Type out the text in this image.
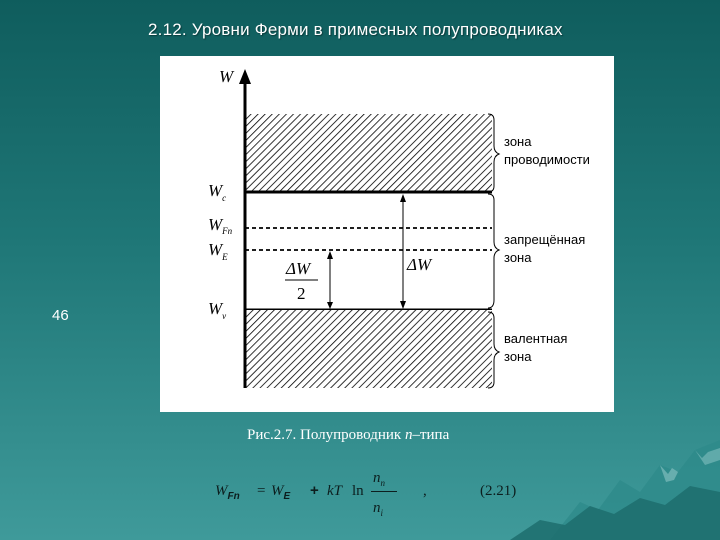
2.12. Уровни Ферми в примесных полупроводниках
46
W
$W_c$
$W_{Fn}$
$W_E$
$W_v$
ΔW
2
ΔW
зона
проводимости
запрещённая
зона
валентная
зона
Рис.2.7. Полупроводник n–типа
$W_{Fn} = W_E$ + kT ln
$n_n$
$n_i$
,	(2.21)
